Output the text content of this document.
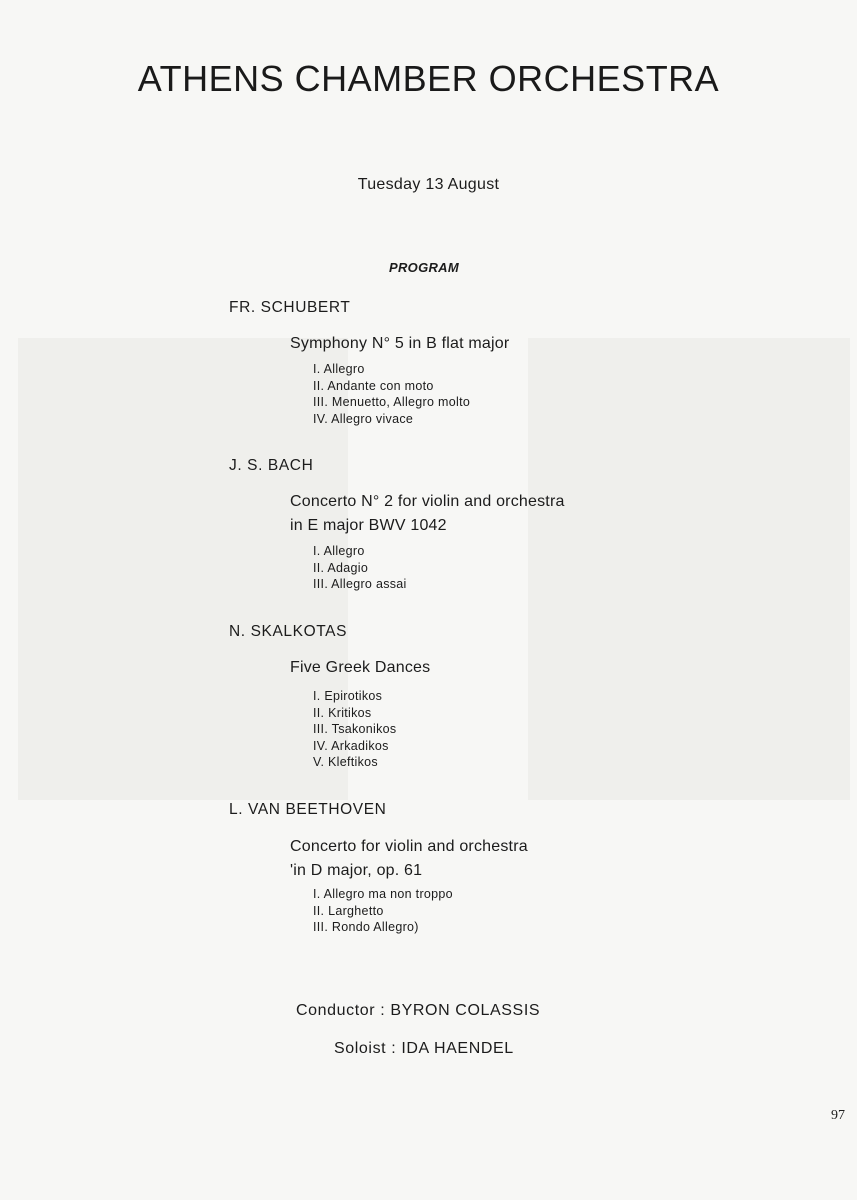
ATHENS CHAMBER ORCHESTRA
Tuesday 13 August
PROGRAM
FR. SCHUBERT
Symphony N° 5 in B flat major
I. Allegro
II. Andante con moto
III. Menuetto, Allegro molto
IV. Allegro vivace
J. S. BACH
Concerto N° 2 for violin and orchestra
in E major BWV 1042
I. Allegro
II. Adagio
III. Allegro assai
N. SKALKOTAS
Five Greek Dances
I. Epirotikos
II. Kritikos
III. Tsakonikos
IV. Arkadikos
V. Kleftikos
L. VAN BEETHOVEN
Concerto for violin and orchestra
'in D major, op. 61
I. Allegro ma non troppo
II. Larghetto
III. Rondo Allegro)
Conductor : BYRON COLASSIS
Soloist : IDA HAENDEL
97
